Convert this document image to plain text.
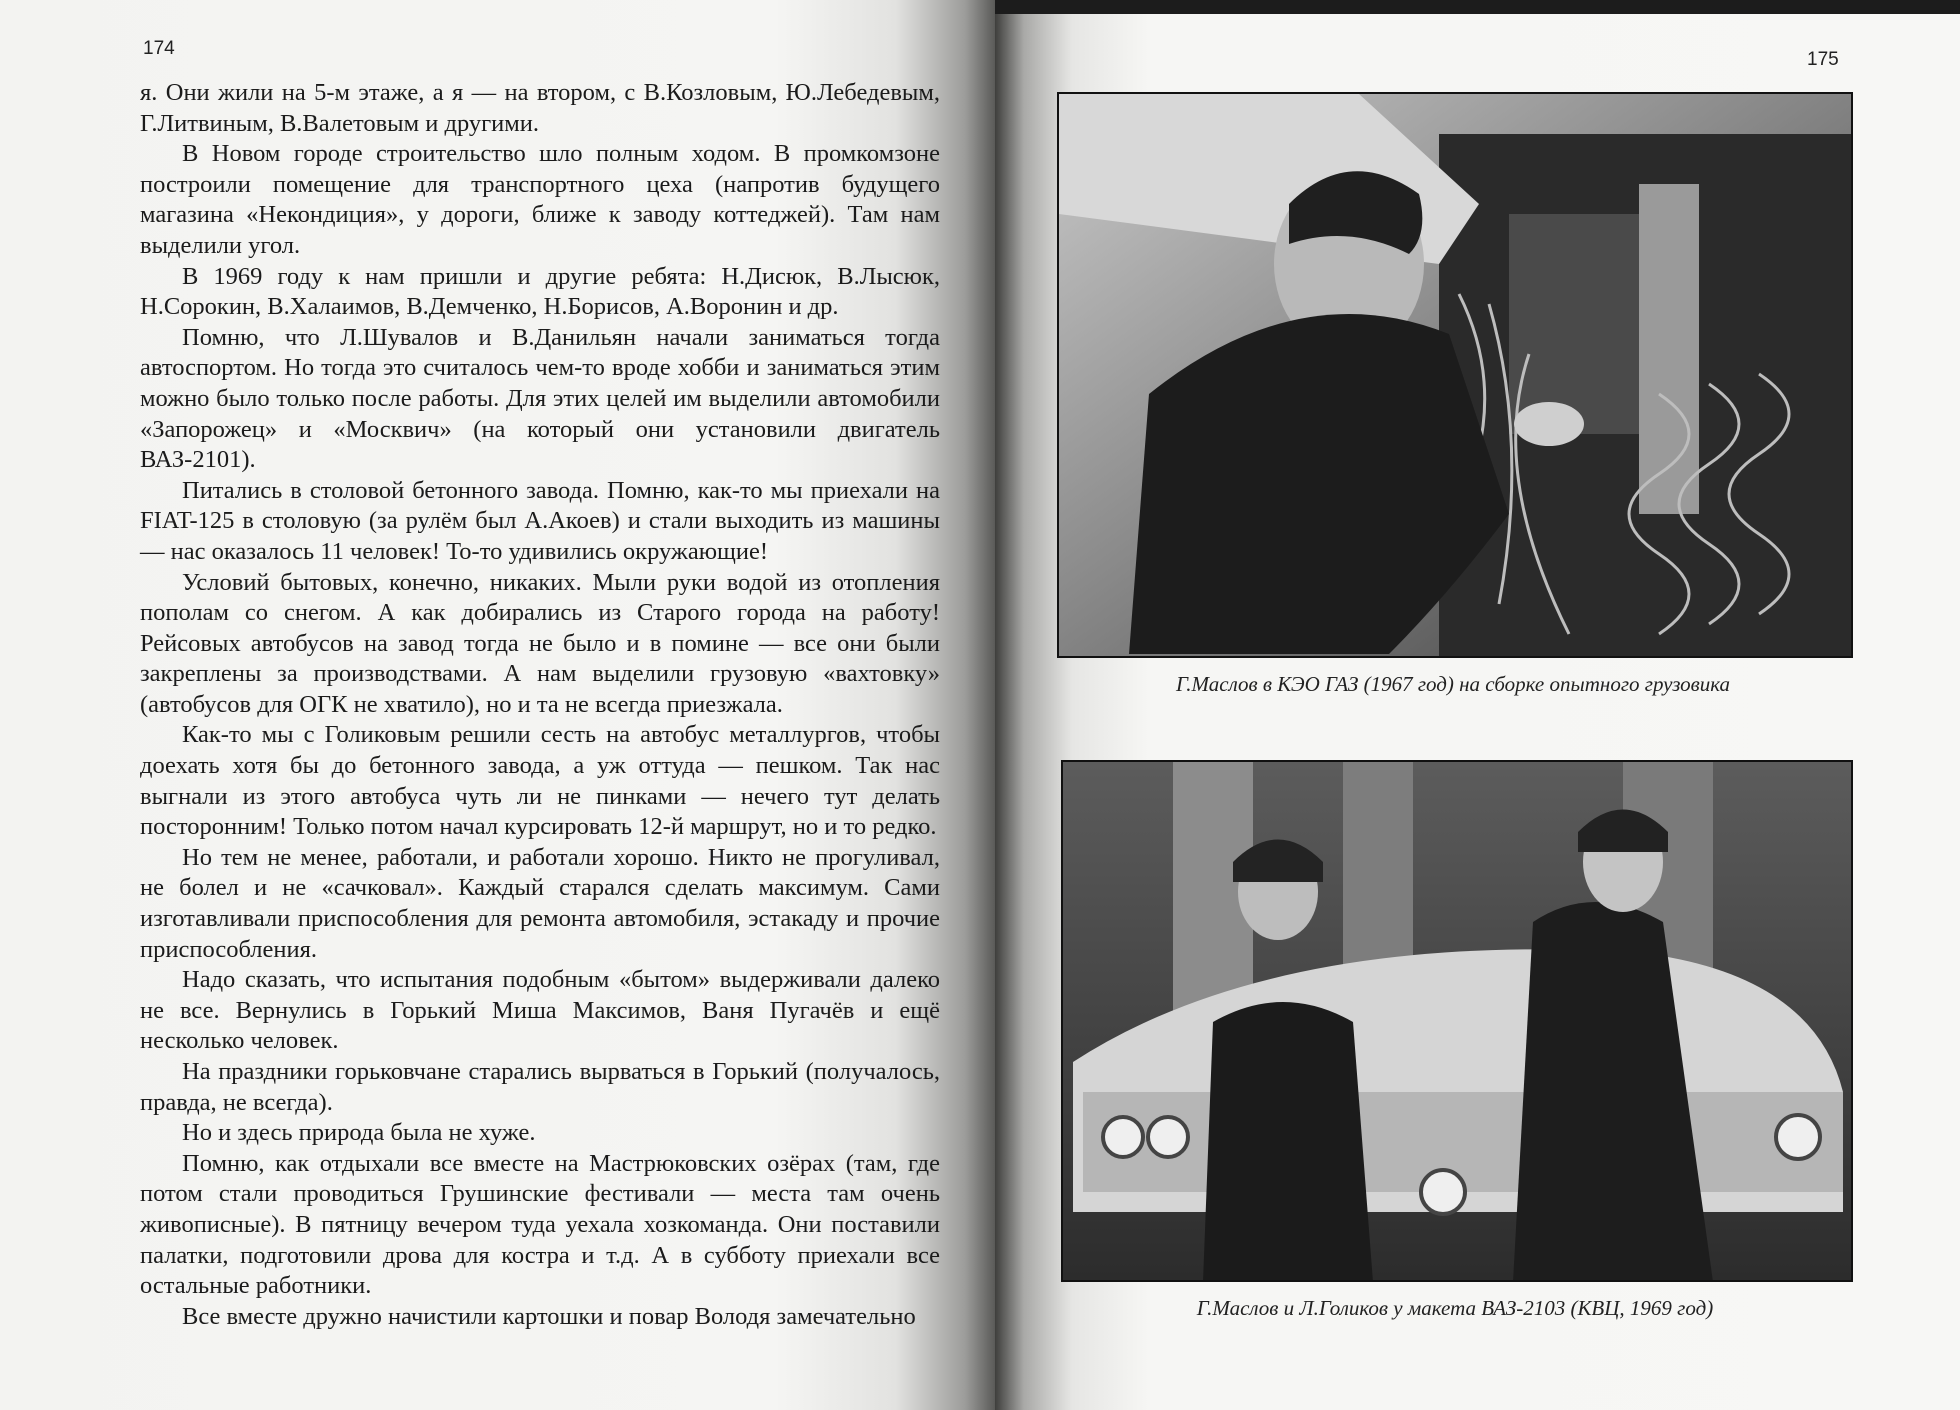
174

я. Они жили на 5-м этаже, а я — на втором, с В.Козловым, Ю.Лебедевым, Г.Литвиным, В.Валетовым и другими.

В Новом городе строительство шло полным ходом. В промкомзоне построили помещение для транспортного цеха (напротив будущего магазина «Некондиция», у дороги, ближе к заводу коттеджей). Там нам выделили угол.

В 1969 году к нам пришли и другие ребята: Н.Дисюк, В.Лысюк, Н.Сорокин, В.Халаимов, В.Демченко, Н.Борисов, А.Воронин и др.

Помню, что Л.Шувалов и В.Данильян начали заниматься тогда автоспортом. Но тогда это считалось чем-то вроде хобби и заниматься этим можно было только после работы. Для этих целей им выделили автомобили «Запорожец» и «Москвич» (на который они установили двигатель ВАЗ-2101).

Питались в столовой бетонного завода. Помню, как-то мы приехали на FIAT-125 в столовую (за рулём был А.Акоев) и стали выходить из машины — нас оказалось 11 человек! То-то удивились окружающие!

Условий бытовых, конечно, никаких. Мыли руки водой из отопления пополам со снегом. А как добирались из Старого города на работу! Рейсовых автобусов на завод тогда не было и в помине — все они были закреплены за производствами. А нам выделили грузовую «вахтовку» (автобусов для ОГК не хватило), но и та не всегда приезжала.

Как-то мы с Голиковым решили сесть на автобус металлургов, чтобы доехать хотя бы до бетонного завода, а уж оттуда — пешком. Так нас выгнали из этого автобуса чуть ли не пинками — нечего тут делать посторонним! Только потом начал курсировать 12-й маршрут, но и то редко.

Но тем не менее, работали, и работали хорошо. Никто не прогуливал, не болел и не «сачковал». Каждый старался сделать максимум. Сами изготавливали приспособления для ремонта автомобиля, эстакаду и прочие приспособления.

Надо сказать, что испытания подобным «бытом» выдерживали далеко не все. Вернулись в Горький Миша Максимов, Ваня Пугачёв и ещё несколько человек.

На праздники горьковчане старались вырваться в Горький (получалось, правда, не всегда).

Но и здесь природа была не хуже.

Помню, как отдыхали все вместе на Мастрюковских озёрах (там, где потом стали проводиться Грушинские фестивали — места там очень живописные). В пятницу вечером туда уехала хозкоманда. Они поставили палатки, подготовили дрова для костра и т.д. А в субботу приехали все остальные работники.

Все вместе дружно начистили картошки и повар Володя замечательно

175
Г.Маслов в КЭО ГАЗ (1967 год) на сборке опытного грузовика
Г.Маслов и Л.Голиков у макета ВАЗ-2103 (КВЦ, 1969 год)
